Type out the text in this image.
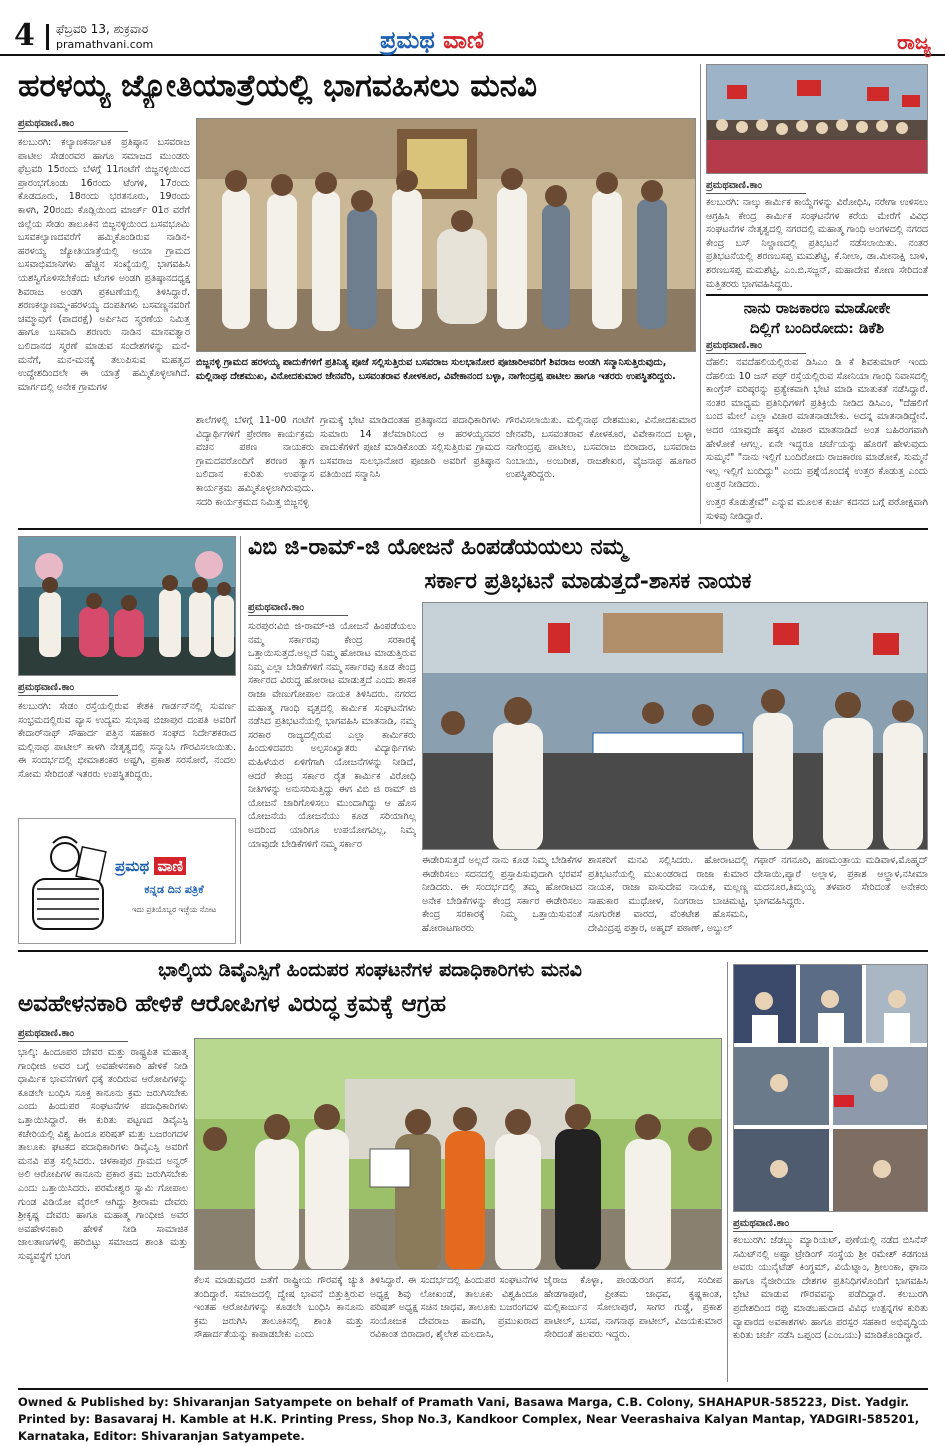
4 ಫೆಬ್ರವರಿ 13, ಶುಕ್ರವಾರ
pramathvani.com	ಪ್ರಮಥ ವಾಣಿ	ರಾಜ್ಯ
ಹರಳಯ್ಯ ಜ್ಯೋತಿಯಾತ್ರೆಯಲ್ಲಿ ಭಾಗವಹಿಸಲು ಮನವಿ
ಪ್ರಮಥವಾಣಿ.ಕಾಂ
ಕಲಬುರಗಿ: ಕಲ್ಯಾಣಕರ್ನಾಟಕ ಪ್ರತಿಷ್ಠಾನ ಬಸವರಾಜ ಪಾಟೀಲ ಸೇಡಂರವರ ಹಾಗೂ ಸಮಾಜದ ಮುಂಡರು ಫೆಬ್ರವರಿ 15ರಂದು ಬೆಳಗ್ಗೆ 11ಗಂಟೆಗೆ ಬಿಜ್ಜನಳ್ಳಿಯಿಂದ ಪ್ರಾರಂಭಗೊಂಡು 16ರಂದು ಟೆಂಗಳಿ, 17ರಂದು ಕೊಡದೂರು, 18ರಂದು ಭರತನೂರು, 19ರಂದು ಕಾಳಗಿ, 20ರಂದು ಕೊಡ್ಲಿಯಿಂದ ಮಾರ್ಚ್ 01ರ ವರೆಗೆ ಜಿಲ್ಲೆಯ ಸೇಡಂ ತಾಲೂಕಿನ ಬಿಜ್ಜನಳ್ಳಿಯಿಂದ ಬಸವಭೂಮಿ ಬಸವಕಲ್ಯಾಣದವರೆಗೆ ಹಮ್ಮಿಕೊಂಡಿರುವ ನಾಡಿನ-ಹರಳಯ್ಯ ಜ್ಯೋತಿಯಾತ್ರೆಯಲ್ಲಿ ಆಯಾ ಗ್ರಾಮದ ಬಸವಾಭಿಮಾನಿಗಳು ಹೆಚ್ಚಿನ ಸಂಖ್ಯೆಯಲ್ಲಿ ಭಾಗವಹಿಸಿ ಯಶಸ್ವಿಗೊಳಿಸಬೇಕೆಂದು ಟೆಂಗಳಿ ಅಂಡಗಿ ಪ್ರತಿಷ್ಠಾನದಧ್ಯಕ್ಷ ಶಿವರಾಜ ಅಂಡಗಿ ಪ್ರಕಟಣೆಯಲ್ಲಿ ತಿಳಿಸಿದ್ದಾರೆ. ಶರಣಕಲ್ಯಾಣಮ್ಮ-ಹರಳಯ್ಯ ದಂಪತಿಗಳು ಬಸವಣ್ಣನವರಿಗೆ ಚಮ್ಮಾವುಗೆ (ಪಾದರಕ್ಷೆ) ಅರ್ಪಿಸಿದ ಸ್ಮರಣೆಯ ನಿಮಿತ್ತ ಹಾಗೂ ಬಸವಾದಿ ಶರಣರು ನಾಡಿನ ಮಾನವತ್ವಾರ ಬಲಿದಾನದ ಸ್ಮರಣೆ ಮಾಡುವ ಸಂದೇಶಗಳನ್ನು ಮನೆ-ಮನೆಗೆ, ಮನ-ಮನಕ್ಕೆ ತಲುಪಿಸುವ ಮಹತ್ವದ ಉದ್ದೇಶದಿಂದಲೇ ಈ ಯಾತ್ರೆ ಹಮ್ಮಿಕೊಳ್ಳಲಾಗಿದೆ. ಮಾರ್ಗದಲ್ಲಿ ಅನೇಕ ಗ್ರಾಮಗಳ
ಬಿಜ್ಜನಳ್ಳಿ ಗ್ರಾಮದ ಹರಳಯ್ಯ ಪಾದುಕೆಗಳಿಗೆ ಪ್ರತಿನಿತ್ಯ ಪೂಜೆ ಸಲ್ಲಿಸುತ್ತಿರುವ ಬಸವರಾಜ ಸುಲಭಾನೋರ ಪೂಜಾರಿಅವರಿಗೆ ಶಿವರಾಜ ಅಂಡಗಿ ಸನ್ಮಾನಿಸುತ್ತಿರುವುದು, ಮಲ್ಲಿನಾಥ ದೇಶಮುಖ, ವಿನೋದಕುಮಾರ ಜೇನವೆರಿ, ಬಸವಂತರಾವ ಕೋಳಕೂರ, ವಿವೇಕಾನಂದ ಬಳ್ಳಾ, ನಾಗೇಂದ್ರಪ್ಪ ಪಾಟೀಲ ಹಾಗೂ ಇತರರು ಉಪಸ್ಥಿತರಿದ್ದರು.
ಶಾಲೆಗಳಲ್ಲಿ ಬೆಳಗ್ಗೆ 11-00 ಗಂಟೆಗೆ ವಿದ್ಯಾರ್ಥಿಗಳಿಗೆ ಪ್ರೇರಣಾ ಕಾರ್ಯಕ್ರಮ ವಚನ ಪಠಣ ನಾಯಕರು ಗ್ರಾಮದವರೊಂದಿಗೆ ಶರಣರ ತ್ಯಾಗ ಬಲಿದಾನ ಕುರಿತು ಉಪನ್ಯಾಸ ಕಾರ್ಯಕ್ರಮ ಹಮ್ಮಿಕೊಳ್ಳಲಾಗಿರುವುದು. ಸದರಿ ಕಾರ್ಯಕ್ರಮದ ನಿಮಿತ್ತ ಬಿಜ್ಜನಳ್ಳಿ
ಗ್ರಾಮಕ್ಕೆ ಭೇಟಿ ಮಾಡಿದಂತಹ ಪ್ರತಿಷ್ಠಾನದ ಪದಾಧಿಕಾರಿಗಳು ಸುಮಾರು 14 ತಲೆಮಾರಿನಿಂದ ಆ ಹರಳಯ್ಯನವರ ಪಾದುಕೆಗಳಿಗೆ ಪೂಜೆ ಮಾಡಿಕೊಂಡು ಸಲ್ಲಿಸುತ್ತಿರುವ ಗ್ರಾಮದ ಬಸವರಾಜ ಸುಲಭಾನೋರ ಪೂಜಾರಿ ಅವರಿಗೆ ಪ್ರತಿಷ್ಠಾನ ವತಿಯಿಂದ ಸನ್ಮಾನಿಸಿ
ಗೌರವಿಸಲಾಯಿತು. ಮಲ್ಲಿನಾಥ ದೇಶಮುಖ, ವಿನೋದಕುಮಾರ ಜೇನವೆರಿ, ಬಸವಂತರಾವ ಕೋಳಕೂರ, ವಿವೇಕಾನಂದ ಬಳ್ಳಾ, ನಾಗೇಂದ್ರಪ್ಪ ಪಾಟೀಲ, ಬಸವರಾಜ ಬಿರಾದಾರ, ಬಸವರಾಜ ನಿಂಬಾಯಿ, ಅಂಬರೀಶ, ರಾಜಶೇಖರ, ವೈಜನಾಥ ಹೂಗಾರ ಉಪಸ್ಥಿತರಿದ್ದರು.
ಪ್ರಮಥವಾಣಿ.ಕಾಂ
ಕಲಬುರಗಿ: ನಾಲ್ಕು ಕಾರ್ಮಿಕ ಕಾಯ್ದೆಗಳನ್ನು ವಿರೋಧಿಸಿ, ನರೇಗಾ ಉಳಿಸಲು ಆಗ್ರಹಿಸಿ ಕೇಂದ್ರ ಕಾರ್ಮಿಕ ಸಂಘಟನೆಗಳ ಕರೆಯ ಮೇರೆಗೆ ವಿವಿಧ ಸಂಘಟನೆಗಳ ನೇತೃತ್ವದಲ್ಲಿ ನಗರದಲ್ಲಿ ಮಹಾತ್ಮ ಗಾಂಧಿ ಅಂಗಳದಲ್ಲಿ ನಗರದ ಕೇಂದ್ರ ಬಸ್ ನಿಲ್ದಾಣದಲ್ಲಿ ಪ್ರತಿಭಟನೆ ನಡೆಸಲಾಯಿತು. ನಂತರ ಪ್ರತಿಭಟನೆಯಲ್ಲಿ ಶರಣಬಸಪ್ಪ ಮಮಶೆಟ್ಟಿ, ಕೆ.ನೀಲಾ, ಡಾ.ಮೀನಾಕ್ಷಿ ಬಾಳಿ, ಶರಣಬಸಪ್ಪ ಮಮಶೆಟ್ಟಿ, ಎಂ.ಬಿ.ಸಜ್ಜನ್, ಮಹಾದೇವ ಕೋಣ ಸೇರಿದಂತೆ ಮತ್ತಿತರರು ಭಾಗವಹಿಸಿದ್ದರು.
ನಾನು ರಾಜಕಾರಣ ಮಾಡೋಕೇ
ದಿಲ್ಲಿಗೆ ಬಂದಿರೋದು: ಡಿಕೆಶಿ
ಪ್ರಮಥವಾಣಿ.ಕಾಂ
ದೆಹಲಿ: ನವದೆಹಲಿಯಲ್ಲಿರುವ ಡಿಸಿಎಂ ಡಿ ಕೆ ಶಿವಕುಮಾರ್ ಇಂದು ದೆಹಲಿಯ 10 ಜನ್ ಪಥ್ ರಸ್ತೆಯಲ್ಲಿರುವ ಸೋನಿಯಾ ಗಾಂಧಿ ನಿವಾಸದಲ್ಲಿ ಕಾಂಗ್ರೆಸ್ ವರಿಷ್ಠರನ್ನು ಪ್ರತ್ಯೇಕವಾಗಿ ಭೇಟಿ ಮಾಡಿ ಮಾತುಕತೆ ನಡೆಸಿದ್ದಾರೆ. ನಂತರ ಮಾಧ್ಯಮ ಪ್ರತಿನಿಧಿಗಳಿಗೆ ಪ್ರತಿಕ್ರಿಯೆ ನೀಡಿದ ಡಿಸಿಎಂ, "ದೆಹಲಿಗೆ ಬಂದ ಮೇಲೆ ಎಲ್ಲಾ ವಿಚಾರ ಮಾತನಾಡಬೇಕು. ಅದನ್ನ ಮಾತನಾಡಿದ್ದೇನೆ. ಅದರ ಯಾವುದೇ ಹಕ್ಕನ ವಿಚಾರ ಮಾತನಾಡಿದೆ ಅಂತ ಬಹಿರಂಗವಾಗಿ ಹೇಳೋಕೆ ಆಗಲ್ಲ. ಏನೇ ಇದ್ದರೂ ಚರ್ಚೆಯನ್ನು ಹೊರಗೆ ಹೇಳುವುದು ಸುಮ್ಮನೆ" "ನಾನು ಇಲ್ಲಿಗೆ ಬಂದಿರೋದು ರಾಜಕಾರಣ ಮಾಡೋಕೆ, ಸುಮ್ಮನೆ ಇಲ್ಲ ಇಲ್ಲಿಗೆ ಬಂದಿದ್ದು" ಎಂದು ಪ್ರಶ್ನೆಯೊಂದಕ್ಕೆ ಉತ್ತರ ಕೊಡುತ್ತ ಎಂದು ಉತ್ತರ ನೀಡಿದರು.
ಉತ್ತರ ಕೊಡುತ್ತೇವೆ" ಎನ್ನುವ ಮೂಲಕ ಕುರ್ಚಿ ಕದನದ ಬಗ್ಗೆ ಪರೋಕ್ಷವಾಗಿ ಸುಳಿವು ನೀಡಿದ್ದಾರೆ.
ಪ್ರಮಥವಾಣಿ.ಕಾಂ
ಕಲಬುರಗಿ: ಸೇಡಂ ರಸ್ತೆಯಲ್ಲಿರುವ ಕೇಶಕಿ ಗಾರ್ಡನ್‌ನಲ್ಲಿ ಸುವರ್ಣ ಸಂಭ್ರಮದಲ್ಲಿರುವ ವ್ಯಾಸ ಉದ್ಯಮ ಸುಭಾಷ ಬಿಜಾಪುರ ದಂಪತಿ ಅವರಿಗೆ ಕೇದಾರ್‌ನಾಥ್ ಸೌಹಾರ್ದ ಪತ್ತಿನ ಸಹಕಾರ ಸಂಘದ ನಿರ್ದೇಶಕರಾದ ಮಲ್ಲಿನಾಥ ಪಾಟೀಲ್ ಕಾಳಗಿ ನೇತೃತ್ವದಲ್ಲಿ ಸನ್ಮಾನಿಸಿ ಗೌರವಿಸಲಾಯಿತು. ಈ ಸಂದರ್ಭದಲ್ಲಿ ಭೀಮಾಶಂಕರ ಅಷ್ಟಗಿ, ಪ್ರಕಾಶ ಸರಸೋರೆ, ನಂದಲ ಸೋಮ ಸೇರಿದಂತೆ ಇತರರು ಉಪಸ್ಥಿತರಿದ್ದರು.
ಪ್ರಮಥ ವಾಣಿ
ಕನ್ನಡ ದಿನ ಪತ್ರಿಕೆ
ಇದು ಪ್ರತಿಯೊಬ್ಬರ ಇಚ್ಛೆಯ ನೋಟ
ವಿಬಿ ಜಿ-ರಾಮ್-ಜಿ ಯೋಜನೆ ಹಿಂಪಡೆಯಯಲು ನಮ್ಮ
ಸರ್ಕಾರ ಪ್ರತಿಭಟನೆ ಮಾಡುತ್ತದೆ-ಶಾಸಕ ನಾಯಕ
ಪ್ರಮಥವಾಣಿ.ಕಾಂ
ಸುರಪುರ:ವಿಬಿ ಜಿ-ರಾಮ್-ಜಿ ಯೋಜನೆ ಹಿಂಪಡೆಯಲು ನಮ್ಮ ಸರ್ಕಾರವು ಕೇಂದ್ರ ಸರಕಾರಕ್ಕೆ ಒತ್ತಾಯಿಸುತ್ತದೆ.ಅಲ್ಲದೆ ನಿಮ್ಮ ಹೋರಾಟ ಮಾಡುತ್ತಿರುವ ನಿಮ್ಮ ಎಲ್ಲಾ ಬೇಡಿಕೆಗಳಿಗೆ ನಮ್ಮ ಸರ್ಕಾರವು ಕೂಡ ಕೇಂದ್ರ ಸರ್ಕಾರದ ವಿರುದ್ಧ ಹೋರಾಟ ಮಾಡುತ್ತದೆ ಎಂದು ಶಾಸಕ ರಾಜಾ ವೇಣುಗೋಪಾಲ ನಾಯಕ ತಿಳಿಸಿದರು. ನಗರದ ಮಹಾತ್ಮ ಗಾಂಧಿ ವೃತ್ತದಲ್ಲಿ ಕಾರ್ಮಿಕ ಸಂಘಟನೆಗಳು ನಡೆಸಿದ ಪ್ರತಿಭಟನೆಯಲ್ಲಿ ಭಾಗವಹಿಸಿ ಮಾತನಾಡಿ, ನಮ್ಮ ಸರಕಾರ ರಾಜ್ಯದಲ್ಲಿರುವ ಎಲ್ಲಾ ಕಾರ್ಮಿಕರು ಹಿಂದುಳಿದವರು ಅಲ್ಪಸಂಖ್ಯಾತರು ವಿದ್ಯಾರ್ಥಿಗಳು ಮಹಿಳೆಯರ ಏಳಿಗೆಗಾಗಿ ಯೋಜನೆಗಳನ್ನು ನೀಡಿದೆ, ಆದರೆ ಕೇಂದ್ರ ಸರ್ಕಾರ ರೈತ ಕಾರ್ಮಿಕ ವಿರೋಧಿ ನೀತಿಗಳನ್ನು ಅನುಸರಿಸುತ್ತಿದ್ದು ಈಗ ವಿಬಿ ಜಿ ರಾಮ್ ಜಿ ಯೋಜನೆ ಜಾರಿಗೊಳಿಸಲು ಮುಂದಾಗಿದ್ದು ಆ ಹೊಸ ಯೋಜನೆಯ ಯೋಜನೆಯು ಕೂಡ ಸರಿಯಾಗಿಲ್ಲ ಅದರಿಂದ ಯಾರಿಗೂ ಉಪಯೋಗವಿಲ್ಲ, ನಿಮ್ಮ ಯಾವುದೇ ಬೇಡಿಕೆಗಳಿಗೆ ನಮ್ಮ ಸರ್ಕಾರ
ಈಡೇರಿಸುತ್ತದೆ ಅಲ್ಲದೆ ನಾನು ಕೂಡ ನಿಮ್ಮ ಬೇಡಿಕೆಗಳ ಈಡೇರಿಸಲು ಸದನದಲ್ಲಿ ಪ್ರಸ್ತಾಪಿಸುವುದಾಗಿ ಭರವಸೆ ನೀಡಿದರು. ಈ ಸಂದರ್ಭದಲ್ಲಿ ತಮ್ಮ ಹೋರಾಟದ ಅನೇಕ ಬೇಡಿಕೆಗಳನ್ನು ಕೇಂದ್ರ ಸರ್ಕಾರ ಈಡೇರಿಸಲು ಕೇಂದ್ರ ಸರಕಾರಕ್ಕೆ ನಿಮ್ಮ ಒತ್ತಾಯಿಸುವಂತೆ ಹೋರಾಟಗಾರರು
ಶಾಸಕರಿಗೆ ಮನವಿ ಸಲ್ಲಿಸಿದರು. ಹೋರಾಟದಲ್ಲಿ ಪ್ರತಿಭಟನೆಯಲ್ಲಿ ಮುಖಂಡರಾದ ರಾಜಾ ಕುಮಾರ ನಾಯಕ, ರಾಜಾ ವಾಸುದೇವ ನಾಯಕ, ಮಲ್ಲಣ್ಣ ಸಾಹುಕಾರ ಮುಧೋಳ, ನಿಂಗರಾಜ ಬಾಚಿಮಟ್ಟಿ, ಸೂಗುರೇಶ ವಾರದ, ವೆಂಕಟೇಶ ಹೊಸಮನಿ, ದೇವಿಂದ್ರಪ್ಪ ಪತ್ತಾರ, ಅಹ್ಮದ್ ಪಠಾಣ್, ಅಬ್ದುಲ್
ಗಫಾರ್ ನಗನೂರಿ, ಹಣಮಂತ್ರಾಯ ಮಡಿವಾಳ,ಮೊಹ್ಮದ್ ದೇಸಾಯಿ,ಪ್ಯಾರೆ ಅಲ್ಲಾಳ, ಪ್ರಕಾಶ ಆಲ್ಹಾಳ,ನಸೀಮಾ ಮದನೂರ,ತಿಮ್ಮಯ್ಯ ತಳವಾರ ಸೇರಿದಂತೆ ಅನೇಕರು ಭಾಗವಹಿಸಿದ್ದರು.
ಭಾಲ್ಕಿಯ ಡಿವೈಎಸ್ಪಿಗೆ ಹಿಂದುಪರ ಸಂಘಟನೆಗಳ ಪದಾಧಿಕಾರಿಗಳು ಮನವಿ
ಅವಹೇಳನಕಾರಿ ಹೇಳಿಕೆ ಆರೋಪಿಗಳ ವಿರುದ್ಧ ಕ್ರಮಕ್ಕೆ ಆಗ್ರಹ
ಪ್ರಮಥವಾಣಿ.ಕಾಂ
ಭಾಲ್ಕಿ: ಹಿಂದೂಪರ ದೇವರ ಮತ್ತು ರಾಷ್ಟ್ರಪಿತ ಮಹಾತ್ಮ ಗಾಂಧೀಜಿ ಅವರ ಬಗ್ಗೆ ಅವಹೇಳನಕಾರಿ ಹೇಳಿಕೆ ನೀಡಿ ಧಾರ್ಮಿಕ ಭಾವನೆಗಳಿಗೆ ಧಕ್ಕೆ ತಂದಿರುವ ಆರೋಪಿಗಳನ್ನು ಕೂಡಲೇ ಬಂಧಿಸಿ ಸೂಕ್ತ ಕಾನೂನು ಕ್ರಮ ಜರುಗಿಸಬೇಕು ಎಂದು ಹಿಂದುಪರ ಸಂಘಟನೆಗಳ ಪದಾಧಿಕಾರಿಗಳು ಒತ್ತಾಯಿಸಿದ್ದಾರೆ. ಈ ಕುರಿತು ಪಟ್ಟಣದ ಡಿವೈಎಸ್ಪಿ ಕಚೇರಿಯಲ್ಲಿ ವಿಶ್ವ ಹಿಂದೂ ಪರಿಷತ್ ಮತ್ತು ಬಜರಂಗದಳ ತಾಲೂಕು ಘಟಕದ ಪದಾಧಿಕಾರಿಗಳು ಡಿವೈಎಸ್ಪಿ ಅವರಿಗೆ ಮನವಿ ಪತ್ರ ಸಲ್ಲಿಸಿದರು. ಚಳಕಾಪುರ ಗ್ರಾಮದ ಅನ್ವರ್ ಅಲಿ ಆರೋಪಿಗಳ ಕಾನೂನು ಪ್ರಕಾರ ಕ್ರಮ ಜರುಗಿಸಬೇಕು ಎಂದು ಒತ್ತಾಯಿಸಿದರು. ಪರಮೇಶ್ವರ ಸ್ವಾಮಿ ಗೋಪಾಲ ಗುಂಡ ವಿಡಿಯೋ ವೈರಲ್ ಆಗಿದ್ದು ಶ್ರೀರಾಮ ದೇವರು ಶ್ರೀಕೃಷ್ಣ ದೇವರು ಹಾಗೂ ಮಹಾತ್ಮ ಗಾಂಧೀಜಿ ಅವರ ಅವಹೇಳನಕಾರಿ ಹೇಳಿಕೆ ನೀಡಿ ಸಾಮಾಜಿಕ ಜಾಲತಾಣಗಳಲ್ಲಿ ಹರಿಬಿಟ್ಟು ಸಮಾಜದ ಶಾಂತಿ ಮತ್ತು ಸುವ್ಯವಸ್ಥೆಗೆ ಭಂಗ
ಕೆಲಸ ಮಾಡುವುದರ ಜತೆಗೆ ರಾಷ್ಟ್ರೀಯ ಗೌರವಕ್ಕೆ ಚ್ಯುತಿ ತಂದಿದ್ದಾರೆ. ಸಮಾಜದಲ್ಲಿ ದ್ವೇಷ ಭಾವನೆ ಬಿತ್ತುತ್ತಿರುವ ಇಂತಹ ಆರೋಪಿಗಳನ್ನು ಕೂಡಲೇ ಬಂಧಿಸಿ ಕಾನೂನು ಕ್ರಮ ಜರುಗಿಸಿ ತಾಲೂಕಿನಲ್ಲಿ ಶಾಂತಿ ಮತ್ತು ಸೌಹಾರ್ದತೆಯನ್ನು ಕಾಪಾಡಬೇಕು ಎಂದು
ತಿಳಿಸಿದ್ದಾರೆ. ಈ ಸಂದರ್ಭದಲ್ಲಿ ಹಿಂದುಪರ ಸಂಘಟನೆಗಳ ಅಧ್ಯಕ್ಷ ಶಿವು ಲೋಖಂಡೆ, ತಾಲೂಕು ವಿಶ್ವಹಿಂದೂ ಪರಿಷತ್ ಅಧ್ಯಕ್ಷ ಸಚಿನ ಜಾಧವ, ತಾಲೂಕು ಬಜರಂಗದಳ ಸಂಯೋಜಕ ದೇವರಾಜ ಹಾವಗಿ, ಪ್ರಮುಖರಾದ ರವಿಕಾಂತ ಬಿರಾದಾರ, ಶೈಲೇಶ ಮಲದಾಸಿ,
ಜೈರಾಜ ಕೊಳ್ಳಾ, ಪಾಂಡುರಂಗ ಕನಸೆ, ಸಂದೀಪ ಹೇಡಗಾಪೂರೆ, ಪ್ರೀತಮ ಜಾಧವ, ಕೃಷ್ಣಕಾಂತ, ಮಲ್ಲಿಕಾರ್ಜುನ ಸೋಲಾಪುರೆ, ಸಾಗರ ಗುಡ್ಡೆ, ಪ್ರಕಾಶ ಪಾಟೀಲ್, ಬಸವ, ನಾಗನಾಥ ಪಾಟೀಲ್, ವಿಜಯಕುಮಾರ ಸೇರಿದಂತೆ ಹಲವರು ಇದ್ದರು.
ಪ್ರಮಥವಾಣಿ.ಕಾಂ
ಕಲಬುರಗಿ: ಜೆಡಬ್ಲ್ಯು ಮ್ಯಾರಿಯಟ್, ಪುಣೆಯಲ್ಲಿ ನಡೆದ ಬಿಸಿನೆಸ್ ಸಮಿಟ್‌ನಲ್ಲಿ ಅಷ್ಟಾ ಟ್ರೇಡಿಂಗ್ ಸಂಸ್ಥೆಯ ಶ್ರೀ ರಮೇಶ್ ಕಡಗಂಚಿ ಅವರು ಯುನೈಟೆಡ್ ಕಿಂಗ್ಡಮ್, ವಿಯೆಟ್ನಾಂ, ಶ್ರೀಲಂಕಾ, ಘಾನಾ ಹಾಗೂ ನೈಜೀರಿಯಾ ದೇಶಗಳ ಪ್ರತಿನಿಧಿಗಳೊಂದಿಗೆ ಭಾಗವಹಿಸಿ ಭೇಟಿ ಮಾಡುವ ಗೌರವವನ್ನು ಪಡೆದಿದ್ದಾರೆ. ಕಲಬುರಗಿ ಪ್ರದೇಶದಿಂದ ರಫ್ತು ಮಾಡಬಹುದಾದ ವಿವಿಧ ಉತ್ಪನ್ನಗಳ ಕುರಿತು ವ್ಯಾಪಾರದ ಅವಕಾಶಗಳು ಹಾಗೂ ಪರಸ್ಪರ ಸಹಕಾರ ಅಭಿವೃದ್ಧಿಯ ಕುರಿತು ಚರ್ಚೆ ನಡೆಸಿ ಒಪ್ಪಂದ (ಎಂಒಯು) ಮಾಡಿಕೊಂಡಿದ್ದಾರೆ.
Owned & Published by: Shivaranjan Satyampete on behalf of Pramath Vani, Basawa Marga, C.B. Colony, SHAHAPUR-585223, Dist. Yadgir. Printed by: Basavaraj H. Kamble at H.K. Printing Press, Shop No.3, Kandkoor Complex, Near Veerashaiva Kalyan Mantap, YADGIRI-585201, Karnataka, Editor: Shivaranjan Satyampete.
